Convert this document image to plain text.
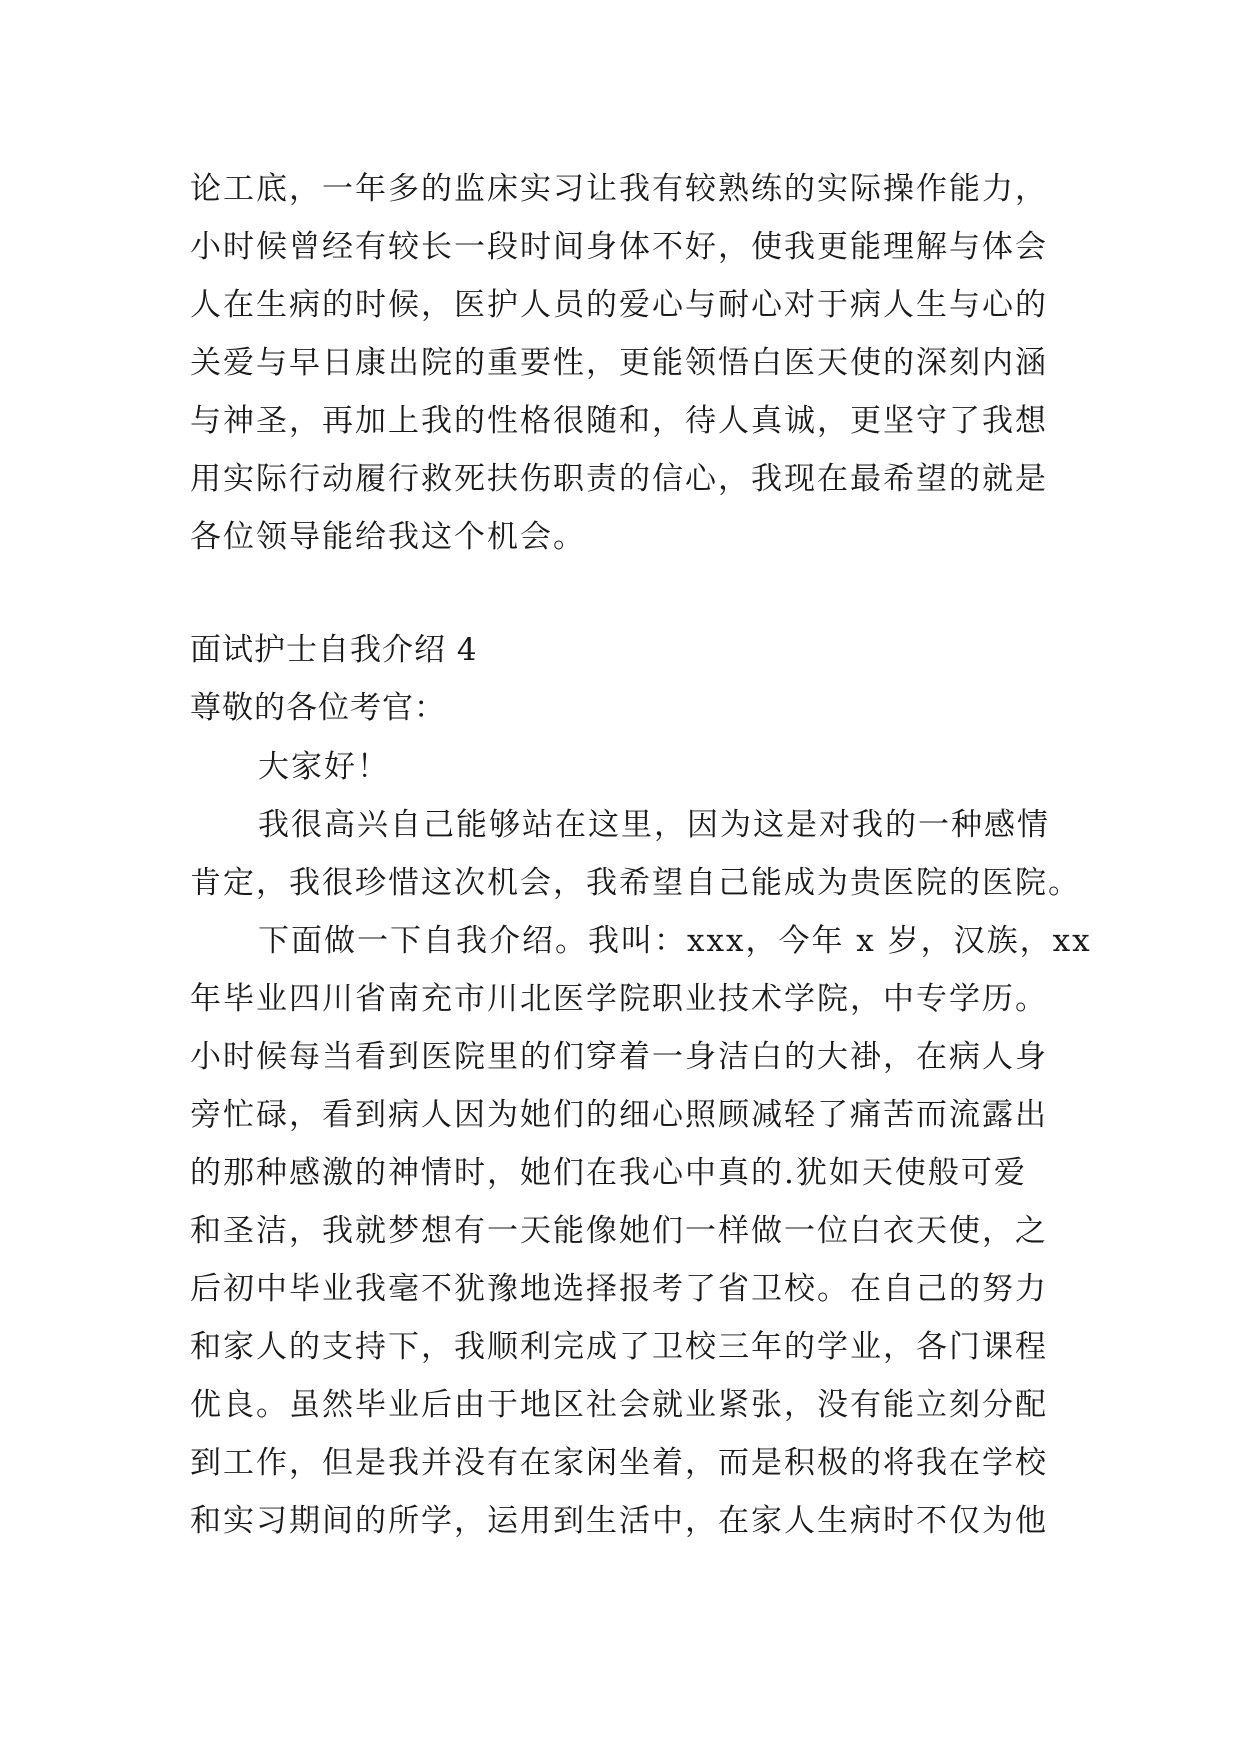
论工底，一年多的监床实习让我有较熟练的实际操作能力，
小时候曾经有较长一段时间身体不好，使我更能理解与体会
人在生病的时候，医护人员的爱心与耐心对于病人生与心的
关爱与早日康出院的重要性，更能领悟白医天使的深刻内涵
与神圣，再加上我的性格很随和，待人真诚，更坚守了我想
用实际行动履行救死扶伤职责的信心，我现在最希望的就是
各位领导能给我这个机会。
面试护士自我介绍 4
尊敬的各位考官：
大家好！
我很高兴自己能够站在这里，因为这是对我的一种感情
肯定，我很珍惜这次机会，我希望自己能成为贵医院的医院。
下面做一下自我介绍。我叫：xxx，今年 x 岁，汉族，xx
年毕业四川省南充市川北医学院职业技术学院，中专学历。
小时候每当看到医院里的们穿着一身洁白的大褂，在病人身
旁忙碌，看到病人因为她们的细心照顾减轻了痛苦而流露出
的那种感激的神情时，她们在我心中真的.犹如天使般可爱
和圣洁，我就梦想有一天能像她们一样做一位白衣天使，之
后初中毕业我毫不犹豫地选择报考了省卫校。在自己的努力
和家人的支持下，我顺利完成了卫校三年的学业，各门课程
优良。虽然毕业后由于地区社会就业紧张，没有能立刻分配
到工作，但是我并没有在家闲坐着，而是积极的将我在学校
和实习期间的所学，运用到生活中，在家人生病时不仅为他
